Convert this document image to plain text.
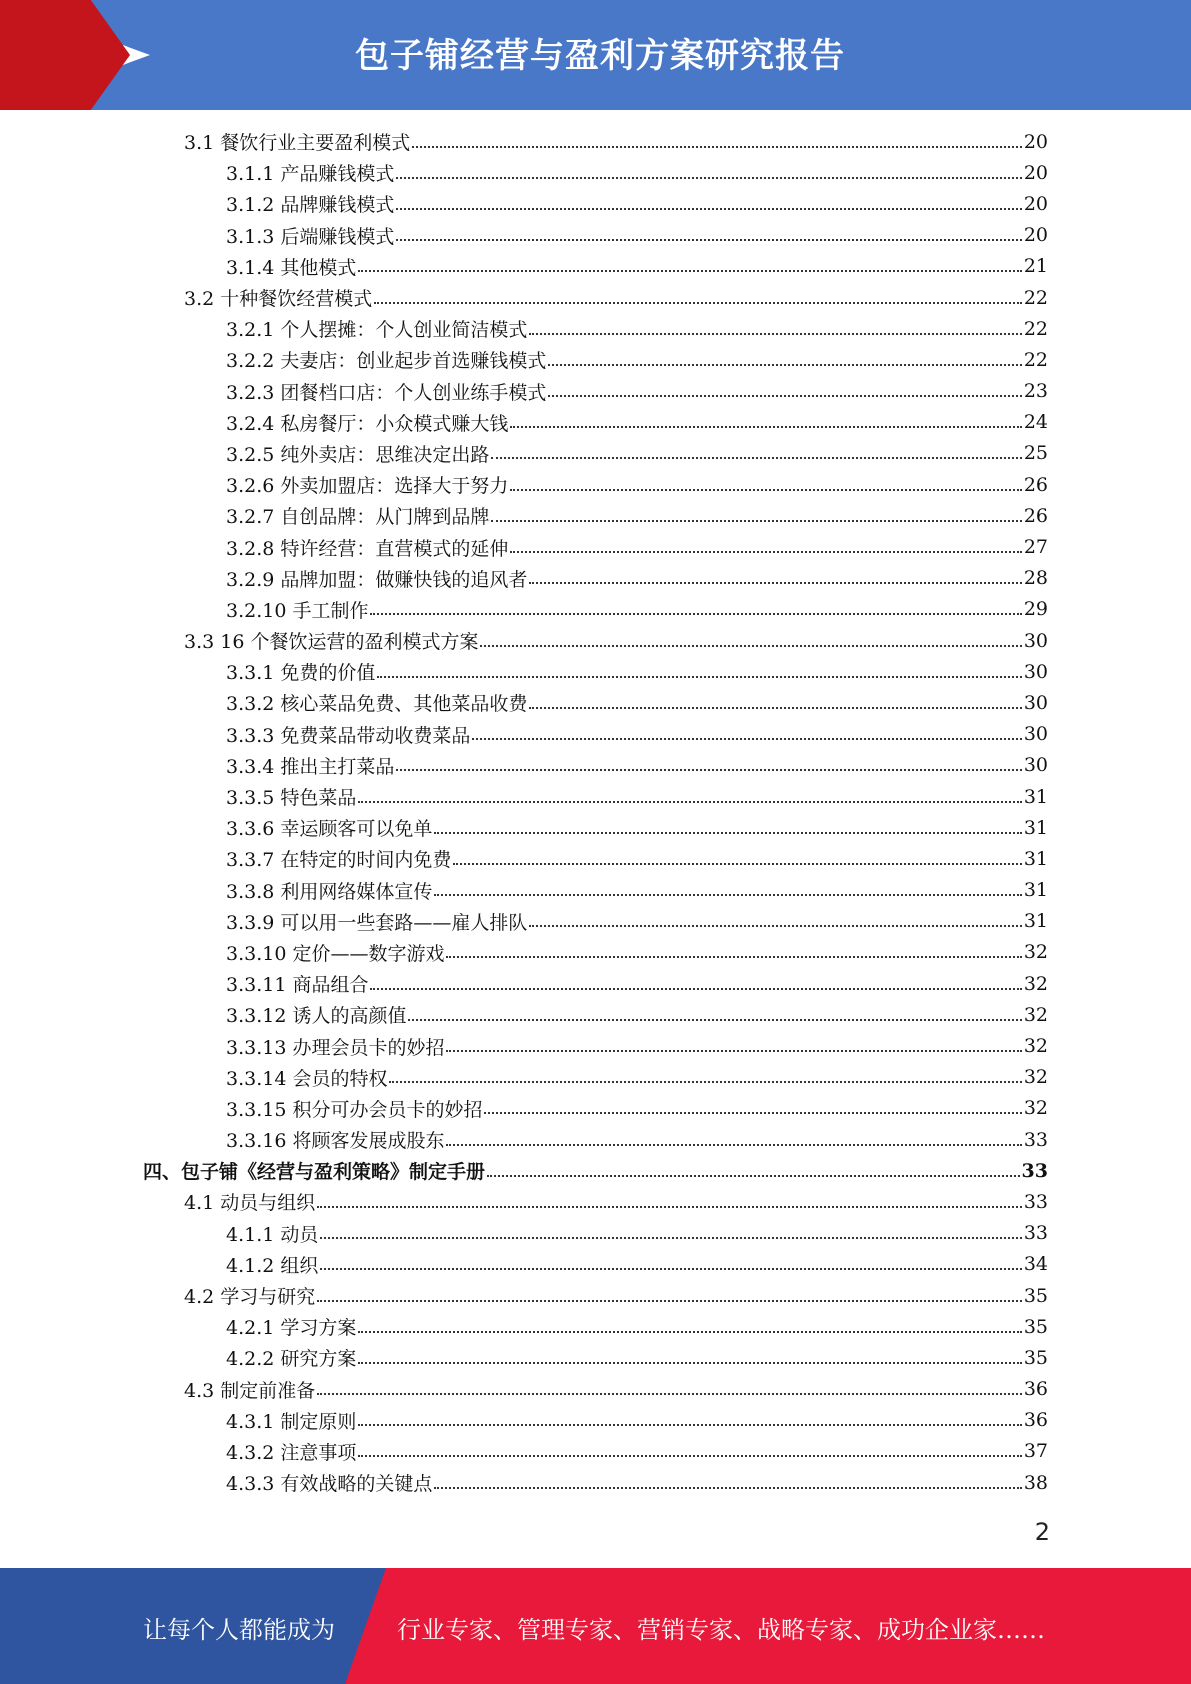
包子铺经营与盈利方案研究报告
3.1 餐饮行业主要盈利模式	20
3.1.1 产品赚钱模式	20
3.1.2 品牌赚钱模式	20
3.1.3 后端赚钱模式	20
3.1.4 其他模式	21
3.2 十种餐饮经营模式	22
3.2.1 个人摆摊：个人创业简洁模式	22
3.2.2 夫妻店：创业起步首选赚钱模式	22
3.2.3 团餐档口店：个人创业练手模式	23
3.2.4 私房餐厅：小众模式赚大钱	24
3.2.5 纯外卖店：思维决定出路	25
3.2.6 外卖加盟店：选择大于努力	26
3.2.7 自创品牌：从门牌到品牌	26
3.2.8 特许经营：直营模式的延伸	27
3.2.9 品牌加盟：做赚快钱的追风者	28
3.2.10 手工制作	29
3.3 16 个餐饮运营的盈利模式方案	30
3.3.1 免费的价值	30
3.3.2 核心菜品免费、其他菜品收费	30
3.3.3 免费菜品带动收费菜品	30
3.3.4 推出主打菜品	30
3.3.5 特色菜品	31
3.3.6 幸运顾客可以免单	31
3.3.7 在特定的时间内免费	31
3.3.8 利用网络媒体宣传	31
3.3.9 可以用一些套路——雇人排队	31
3.3.10 定价——数字游戏	32
3.3.11 商品组合	32
3.3.12 诱人的高颜值	32
3.3.13 办理会员卡的妙招	32
3.3.14 会员的特权	32
3.3.15 积分可办会员卡的妙招	32
3.3.16 将顾客发展成股东	33
四、包子铺《经营与盈利策略》制定手册	33
4.1 动员与组织	33
4.1.1 动员	33
4.1.2 组织	34
4.2 学习与研究	35
4.2.1 学习方案	35
4.2.2 研究方案	35
4.3 制定前准备	36
4.3.1 制定原则	36
4.3.2 注意事项	37
4.3.3 有效战略的关键点	38
2
让每个人都能成为	行业专家、管理专家、营销专家、战略专家、成功企业家……
